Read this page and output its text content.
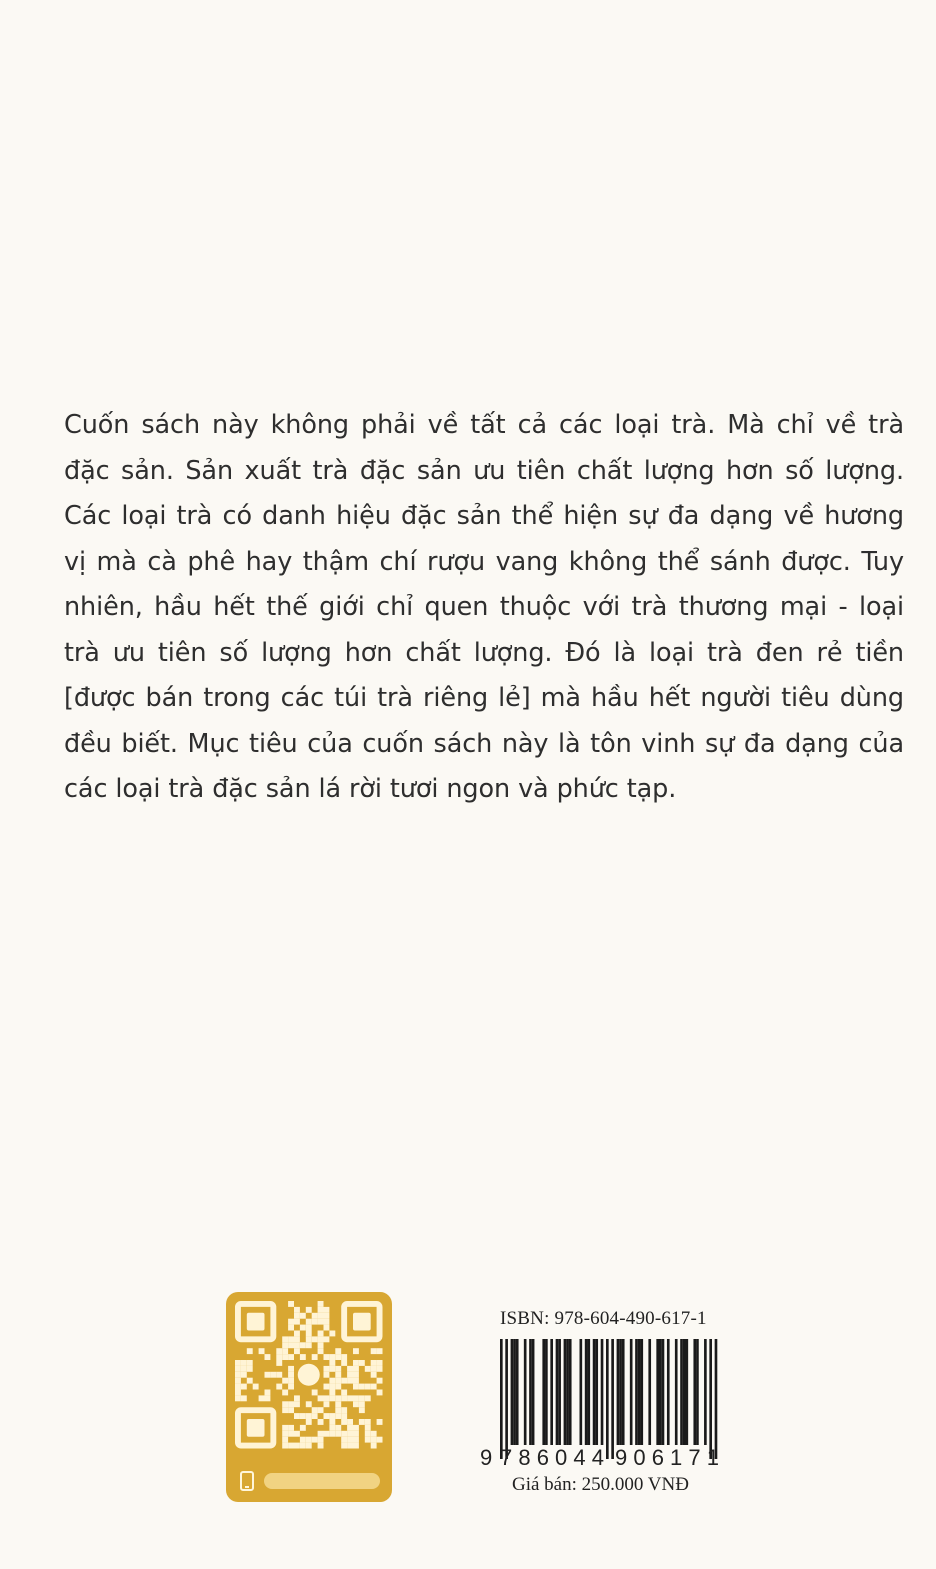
Cuốn sách này không phải về tất cả các loại trà. Mà chỉ về trà
đặc sản. Sản xuất trà đặc sản ưu tiên chất lượng hơn số lượng.
Các loại trà có danh hiệu đặc sản thể hiện sự đa dạng về hương
vị mà cà phê hay thậm chí rượu vang không thể sánh được. Tuy
nhiên, hầu hết thế giới chỉ quen thuộc với trà thương mại - loại
trà ưu tiên số lượng hơn chất lượng. Đó là loại trà đen rẻ tiền
[được bán trong các túi trà riêng lẻ] mà hầu hết người tiêu dùng
đều biết. Mục tiêu của cuốn sách này là tôn vinh sự đa dạng của
các loại trà đặc sản lá rời tươi ngon và phức tạp.

ISBN: 978-604-490-617-1
9 786044 906171
Giá bán: 250.000 VNĐ
